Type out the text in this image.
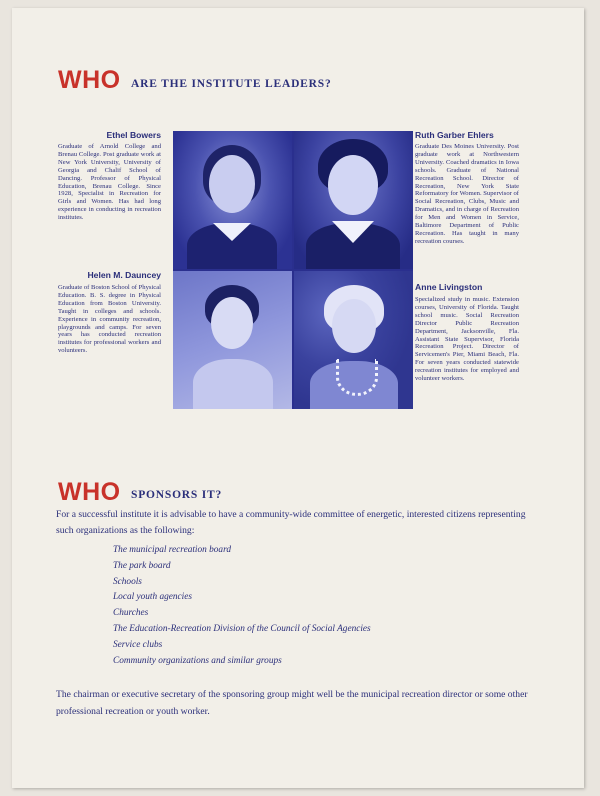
WHO ARE THE INSTITUTE LEADERS?
Ethel Bowers

Graduate of Arnold College and Brenau College. Post graduate work at New York University, University of Georgia and Chalif School of Dancing. Professor of Physical Education, Brenau College. Since 1928, Specialist in Recreation for Girls and Women. Has had long experience in conducting in recreation institutes.

Helen M. Dauncey

Graduate of Boston School of Physical Education. B. S. degree in Physical Education from Boston University. Taught in colleges and schools. Experience in community recreation, playgrounds and camps. For seven years has conducted recreation institutes for professional workers and volunteers.

Ruth Garber Ehlers

Graduate Des Moines University. Post graduate work at Northwestern University. Coached dramatics in Iowa schools. Graduate of National Recreation School. Director of Recreation, New York State Reformatory for Women. Supervisor of Social Recreation, Clubs, Music and Dramatics, and in charge of Recreation for Men and Women in Service, Baltimore Department of Public Recreation. Has taught in many recreation courses.

Anne Livingston

Specialized study in music. Extension courses, University of Florida. Taught school music. Social Recreation Director Public Recreation Department, Jacksonville, Fla. Assistant State Supervisor, Florida Recreation Project. Director of Servicemen's Pier, Miami Beach, Fla. For seven years conducted statewide recreation institutes for employed and volunteer workers.

WHO SPONSORS IT?

For a successful institute it is advisable to have a community-wide committee of energetic, interested citizens representing such organizations as the following:

The municipal recreation board
The park board
Schools
Local youth agencies
Churches
The Education-Recreation Division of the Council of Social Agencies
Service clubs
Community organizations and similar groups

The chairman or executive secretary of the sponsoring group might well be the municipal recreation director or some other professional recreation or youth worker.
